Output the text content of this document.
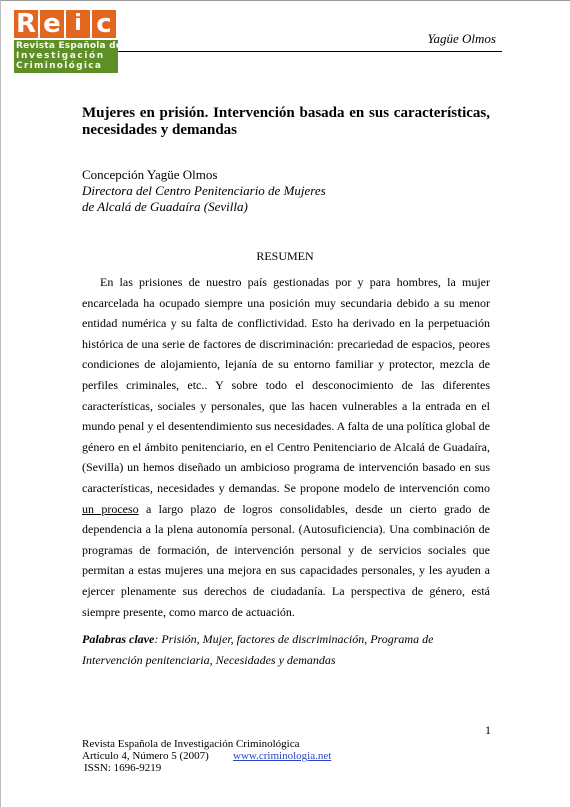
R e i c
Revista Española de
Investigación
Criminológica
Yagüe Olmos
Mujeres en prisión. Intervención basada en sus características, necesidades y demandas
Concepción Yagüe Olmos
Directora del Centro Penitenciario de Mujeres
de Alcalá de Guadaíra (Sevilla)
RESUMEN

En las prisiones de nuestro país gestionadas por y para hombres, la mujer encarcelada ha ocupado siempre una posición muy secundaria debido a su menor entidad numérica y su falta de conflictividad. Esto ha derivado en la perpetuación histórica de una serie de factores de discriminación: precariedad de espacios, peores condiciones de alojamiento, lejanía de su entorno familiar y protector, mezcla de perfiles criminales, etc.. Y sobre todo el desconocimiento de las diferentes características, sociales y personales, que las hacen vulnerables a la entrada en el mundo penal y el desentendimiento sus necesidades. A falta de una política global de género en el ámbito penitenciario, en el Centro Penitenciario de Alcalá de Guadaíra, (Sevilla) un hemos diseñado un ambicioso programa de intervención basado en sus características, necesidades y demandas. Se propone modelo de intervención como un proceso a largo plazo de logros consolidables, desde un cierto grado de dependencia a la plena autonomía personal. (Autosuficiencia). Una combinación de programas de formación, de intervención personal y de servicios sociales que permitan a estas mujeres una mejora en sus capacidades personales, y les ayuden a ejercer plenamente sus derechos de ciudadanía. La perspectiva de género, está siempre presente, como marco de actuación.

Palabras clave: Prisión, Mujer, factores de discriminación, Programa de Intervención penitenciaria, Necesidades y demandas
1
Revista Española de Investigación Criminológica
Artículo 4, Número 5 (2007)	www.criminologia.net
ISSN: 1696-9219
